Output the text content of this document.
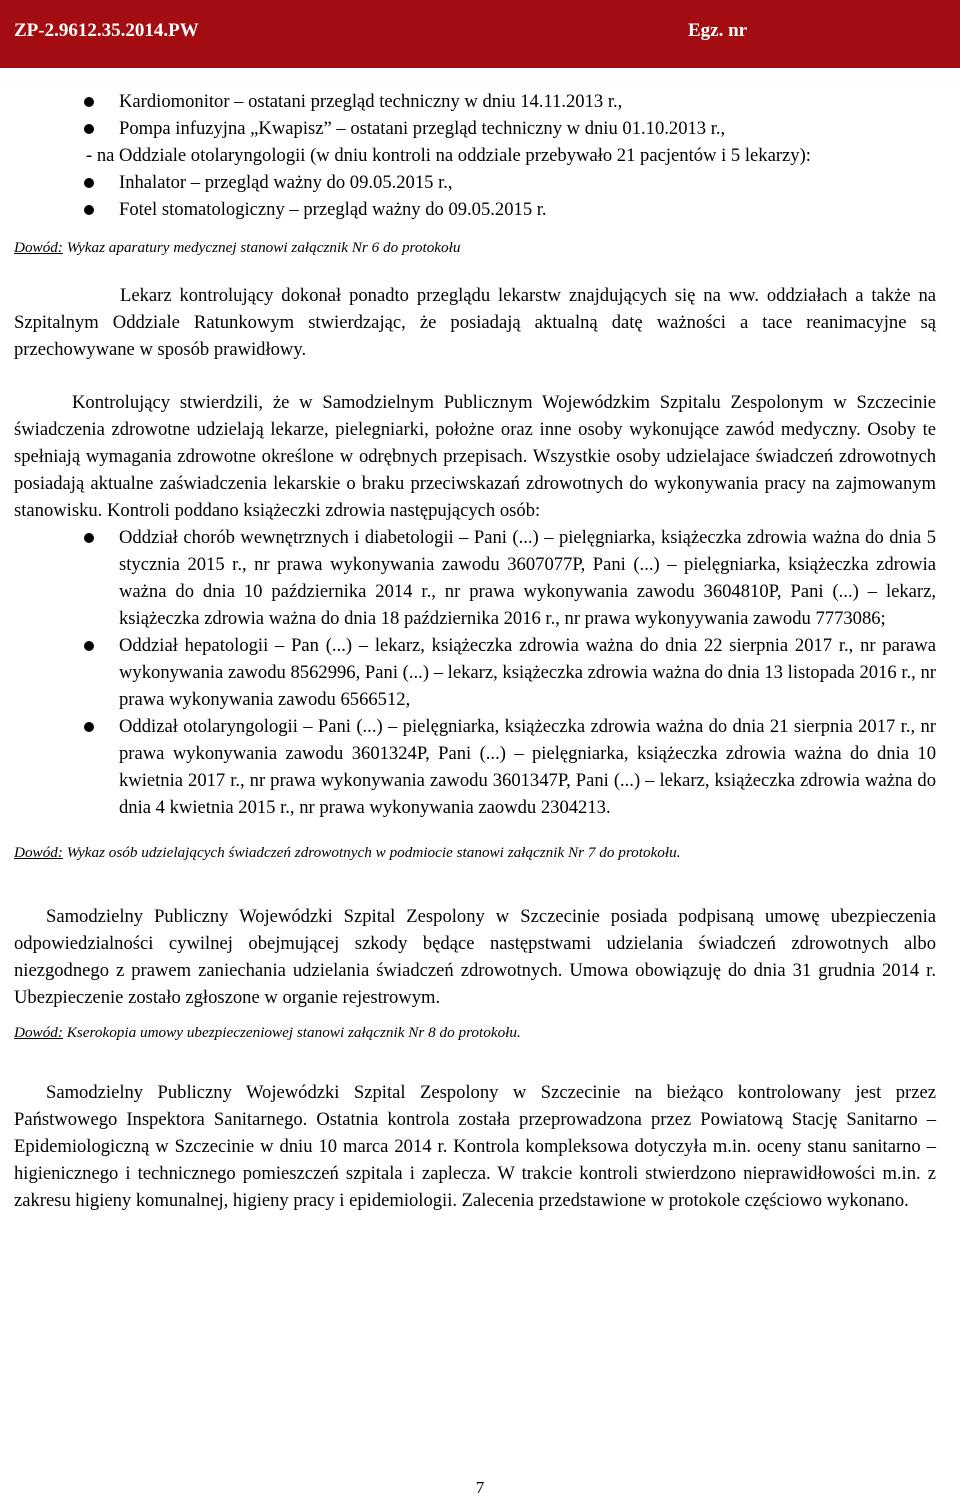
ZP-2.9612.35.2014.PW	Egz. nr
Kardiomonitor – ostatani przegląd techniczny w dniu 14.11.2013 r.,
Pompa infuzyjna „Kwapisz” – ostatani przegląd techniczny w dniu 01.10.2013 r.,

- na Oddziale otolaryngologii (w dniu kontroli na oddziale przebywało 21 pacjentów i 5 lekarzy):

Inhalator – przegląd ważny do 09.05.2015 r.,
Fotel stomatologiczny – przegląd ważny do 09.05.2015 r.

Dowód: Wykaz aparatury medycznej stanowi załącznik Nr 6 do protokołu

Lekarz kontrolujący dokonał ponadto przeglądu lekarstw znajdujących się na ww. oddziałach a także na Szpitalnym Oddziale Ratunkowym stwierdzając, że posiadają aktualną datę ważności a tace reanimacyjne są przechowywane w sposób prawidłowy.

Kontrolujący stwierdzili, że w Samodzielnym Publicznym Wojewódzkim Szpitalu Zespolonym w Szczecinie świadczenia zdrowotne udzielają lekarze, pielegniarki, położne oraz inne osoby wykonujące zawód medyczny. Osoby te spełniają wymagania zdrowotne określone w odrębnych przepisach. Wszystkie osoby udzielajace świadczeń zdrowotnych posiadają aktualne zaświadczenia lekarskie o braku przeciwskazań zdrowotnych do wykonywania pracy na zajmowanym stanowisku. Kontroli poddano książeczki zdrowia następujących osób:

Oddział chorób wewnętrznych i diabetologii – Pani (...) – pielęgniarka, książeczka zdrowia ważna do dnia 5 stycznia 2015 r., nr prawa wykonywania zawodu 3607077P, Pani (...) – pielęgniarka, książeczka zdrowia ważna do dnia 10 października 2014 r., nr prawa wykonywania zawodu 3604810P, Pani (...) – lekarz, książeczka zdrowia ważna do dnia 18 października 2016 r., nr prawa wykonyywania zawodu 7773086;
Oddział hepatologii – Pan (...) – lekarz, książeczka zdrowia ważna do dnia 22 sierpnia 2017 r., nr parawa wykonywania zawodu 8562996, Pani (...) – lekarz, książeczka zdrowia ważna do dnia 13 listopada 2016 r., nr prawa wykonywania zawodu 6566512,
Oddizał otolaryngologii – Pani (...) – pielęgniarka, książeczka zdrowia ważna do dnia 21 sierpnia 2017 r., nr prawa wykonywania zawodu 3601324P, Pani (...) – pielęgniarka, książeczka zdrowia ważna do dnia 10 kwietnia 2017 r., nr prawa wykonywania zawodu 3601347P, Pani (...) – lekarz, książeczka zdrowia ważna do dnia 4 kwietnia 2015 r., nr prawa wykonywania zaowdu 2304213.

Dowód: Wykaz osób udzielających świadczeń zdrowotnych w podmiocie stanowi załącznik Nr 7 do protokołu.

Samodzielny Publiczny Wojewódzki Szpital Zespolony w Szczecinie posiada podpisaną umowę ubezpieczenia odpowiedzialności cywilnej obejmującej szkody będące następstwami udzielania świadczeń zdrowotnych albo niezgodnego z prawem zaniechania udzielania świadczeń zdrowotnych. Umowa obowiązuję do dnia 31 grudnia 2014 r. Ubezpieczenie zostało zgłoszone w organie rejestrowym.

Dowód: Kserokopia umowy ubezpieczeniowej stanowi załącznik Nr 8 do protokołu.

Samodzielny Publiczny Wojewódzki Szpital Zespolony w Szczecinie na bieżąco kontrolowany jest przez Państwowego Inspektora Sanitarnego. Ostatnia kontrola została przeprowadzona przez Powiatową Stację Sanitarno – Epidemiologiczną w Szczecinie w dniu 10 marca 2014 r. Kontrola kompleksowa dotyczyła m.in. oceny stanu sanitarno – higienicznego i technicznego pomieszczeń szpitala i zaplecza. W trakcie kontroli stwierdzono nieprawidłowości m.in. z zakresu higieny komunalnej, higieny pracy i epidemiologii. Zalecenia przedstawione w protokole częściowo wykonano.

7
